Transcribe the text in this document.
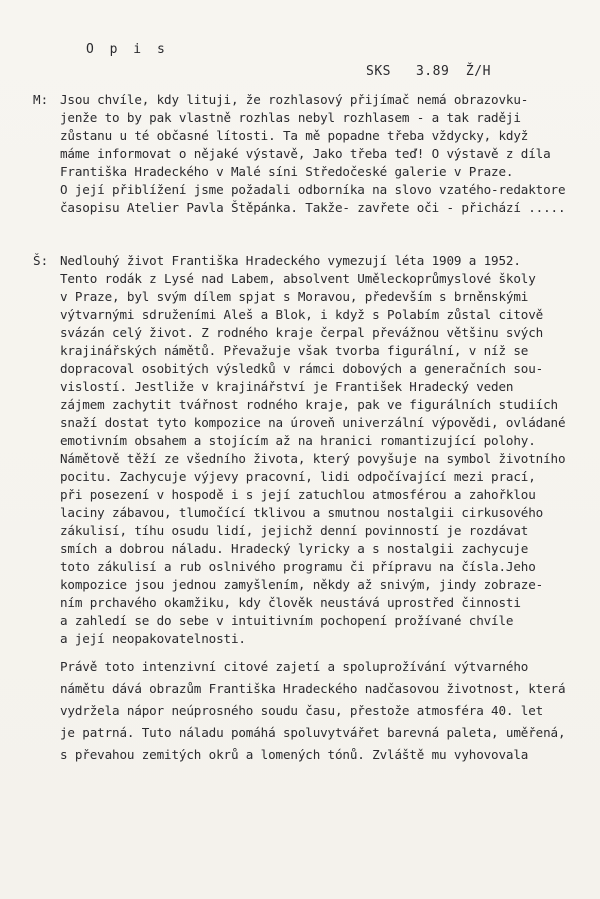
O p i s
SKS   3.89  Ž/H
M:
Š:
Jsou chvíle, kdy lituji, že rozhlasový přijímač nemá obrazovku-
jenže to by pak vlastně rozhlas nebyl rozhlasem - a tak raději
zůstanu u té občasné lítosti. Ta mě popadne třeba vždycky, když
máme informovat o nějaké výstavě, Jako třeba teď! O výstavě z díla
Františka Hradeckého v Malé síni Středočeské galerie v Praze.
O její přiblížení jsme požadali odborníka na slovo vzatého-redaktore
časopisu Atelier Pavla Štěpánka. Takže- zavřete oči - přichází .....
Nedlouhý život Františka Hradeckého vymezují léta 1909 a 1952.
Tento rodák z Lysé nad Labem, absolvent Uměleckoprůmyslové školy
v Praze, byl svým dílem spjat s Moravou, především s brněnskými
výtvarnými sdruženími Aleš a Blok, i když s Polabím zůstal citově
svázán celý život. Z rodného kraje čerpal převážnou většinu svých
krajinářských námětů. Převažuje však tvorba figurální, v níž se
dopracoval osobitých výsledků v rámci dobových a generačních sou-
vislostí. Jestliže v krajinářství je František Hradecký veden
zájmem zachytit tvářnost rodného kraje, pak ve figurálních studiích
snaží dostat tyto kompozice na úroveň univerzální výpovědi, ovládané
emotivním obsahem a stojícím až na hranici romantizující polohy.
Námětově těží ze všedního života, který povyšuje na symbol životního
pocitu. Zachycuje výjevy pracovní, lidi odpočívající mezi prací,
při posezení v hospodě i s její zatuchlou atmosférou a zahořklou
laciny zábavou, tlumočící tklivou a smutnou nostalgii cirkusového
zákulisí, tíhu osudu lidí, jejichž denní povinností je rozdávat
smích a dobrou náladu. Hradecký lyricky a s nostalgii zachycuje
toto zákulisí a rub oslnivého programu či přípravu na čísla.Jeho
kompozice jsou jednou zamyšlením, někdy až snivým, jindy zobraze-
ním prchavého okamžiku, kdy člověk neustává uprostřed činnosti
a zahledí se do sebe v intuitivním pochopení prožívané chvíle
a její neopakovatelnosti.
Právě toto intenzivní citové zajetí a spoluprožívání výtvarného
námětu dává obrazům Františka Hradeckého nadčasovou životnost, která
vydržela nápor neúprosného soudu času, přestože atmosféra 40. let
je patrná. Tuto náladu pomáhá spoluvytvářet barevná paleta, uměřená,
s převahou zemitých okrů a lomených tónů. Zvláště mu vyhovovala
